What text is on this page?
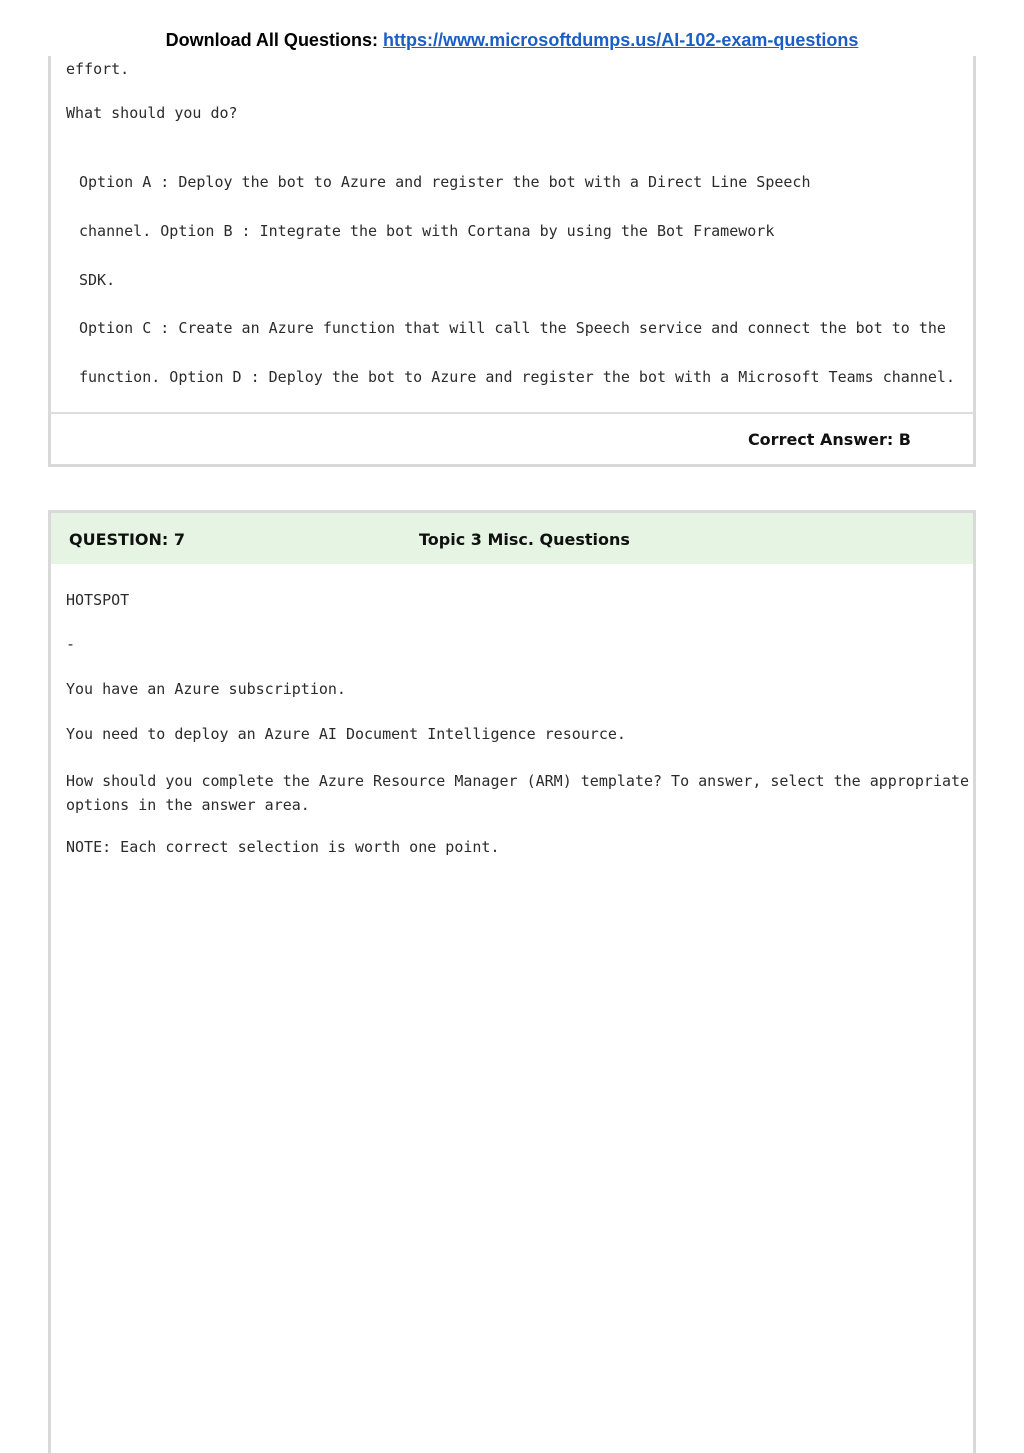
Download All Questions: https://www.microsoftdumps.us/AI-102-exam-questions
effort.
What should you do?
Option A : Deploy the bot to Azure and register the bot with a Direct Line Speech
channel. Option B : Integrate the bot with Cortana by using the Bot Framework
SDK.
Option C : Create an Azure function that will call the Speech service and connect the bot to the
function. Option D : Deploy the bot to Azure and register the bot with a Microsoft Teams channel.
Correct Answer: B
QUESTION: 7	Topic 3 Misc. Questions
HOTSPOT
-
You have an Azure subscription.
You need to deploy an Azure AI Document Intelligence resource.
How should you complete the Azure Resource Manager (ARM) template? To answer, select the appropriate options in the answer area.
NOTE: Each correct selection is worth one point.
